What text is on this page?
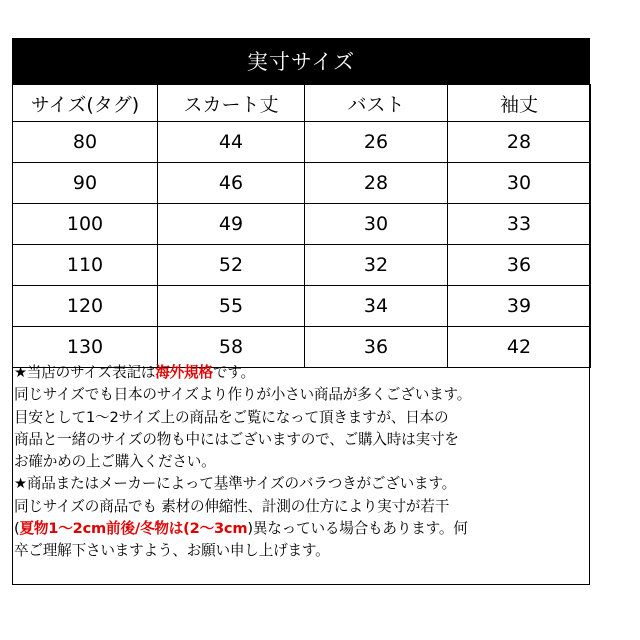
実寸サイズ
サイズ(タグ)	スカート丈	バスト	袖丈
80	44	26	28
90	46	28	30
100	49	30	33
110	52	32	36
120	55	34	39
130	58	36	42

★当店のサイズ表記は海外規格です。

同じサイズでも日本のサイズより作りが小さい商品が多くございます。

目安として1～2サイズ上の商品をご覧になって頂きますが、日本の

商品と一緒のサイズの物も中にはございますので、ご購入時は実寸を

お確かめの上ご購入ください。

★商品またはメーカーによって基準サイズのバラつきがございます。

同じサイズの商品でも 素材の伸縮性、計測の仕方により実寸が若干

(夏物1～2cm前後/冬物は(2～3cm)異なっている場合もあります。何

卒ご理解下さいますよう、お願い申し上げます。
